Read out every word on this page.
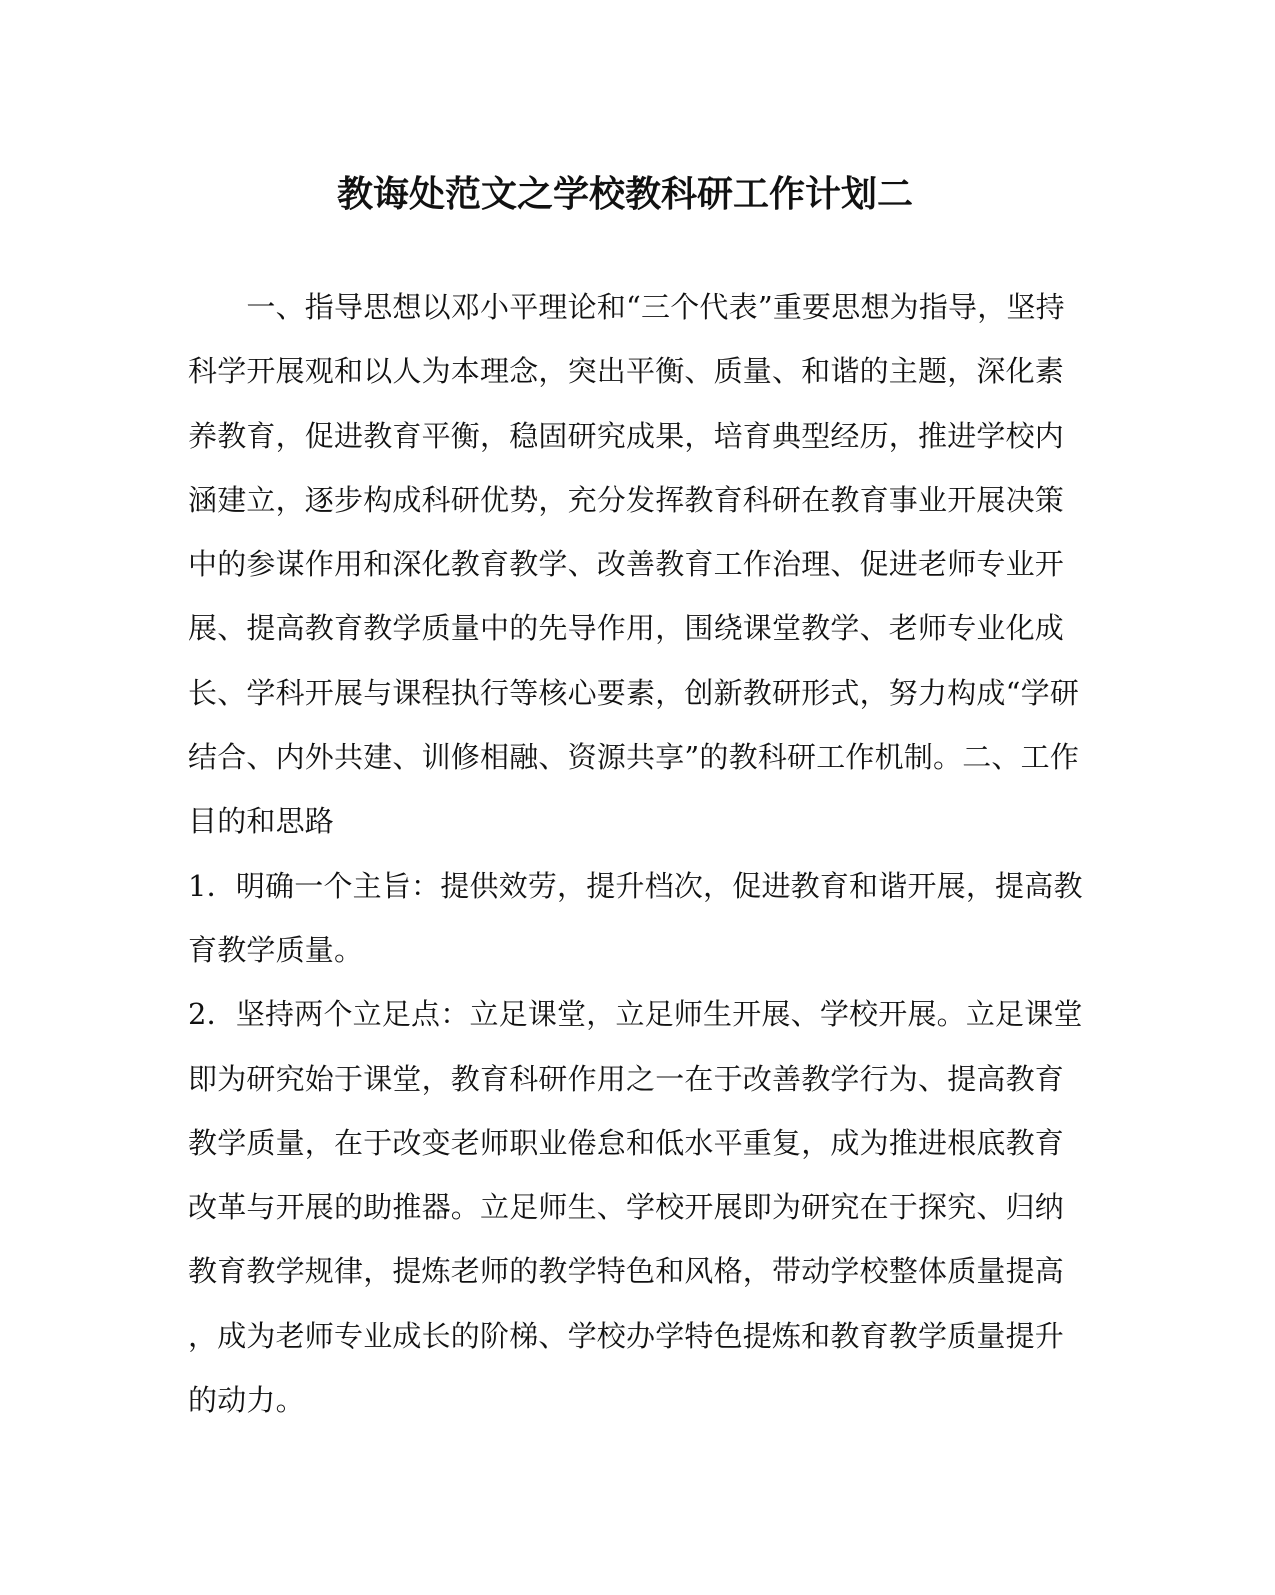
教诲处范文之学校教科研工作计划二
　　一、指导思想以邓小平理论和“三个代表”重要思想为指导，坚持
科学开展观和以人为本理念，突出平衡、质量、和谐的主题，深化素
养教育，促进教育平衡，稳固研究成果，培育典型经历，推进学校内
涵建立，逐步构成科研优势，充分发挥教育科研在教育事业开展决策
中的参谋作用和深化教育教学、改善教育工作治理、促进老师专业开
展、提高教育教学质量中的先导作用，围绕课堂教学、老师专业化成
长、学科开展与课程执行等核心要素，创新教研形式，努力构成“学研
结合、内外共建、训修相融、资源共享”的教科研工作机制。二、工作
目的和思路
1．明确一个主旨：提供效劳，提升档次，促进教育和谐开展，提高教
育教学质量。
2．坚持两个立足点：立足课堂，立足师生开展、学校开展。立足课堂
即为研究始于课堂，教育科研作用之一在于改善教学行为、提高教育
教学质量，在于改变老师职业倦怠和低水平重复，成为推进根底教育
改革与开展的助推器。立足师生、学校开展即为研究在于探究、归纳
教育教学规律，提炼老师的教学特色和风格，带动学校整体质量提高
，成为老师专业成长的阶梯、学校办学特色提炼和教育教学质量提升
的动力。
